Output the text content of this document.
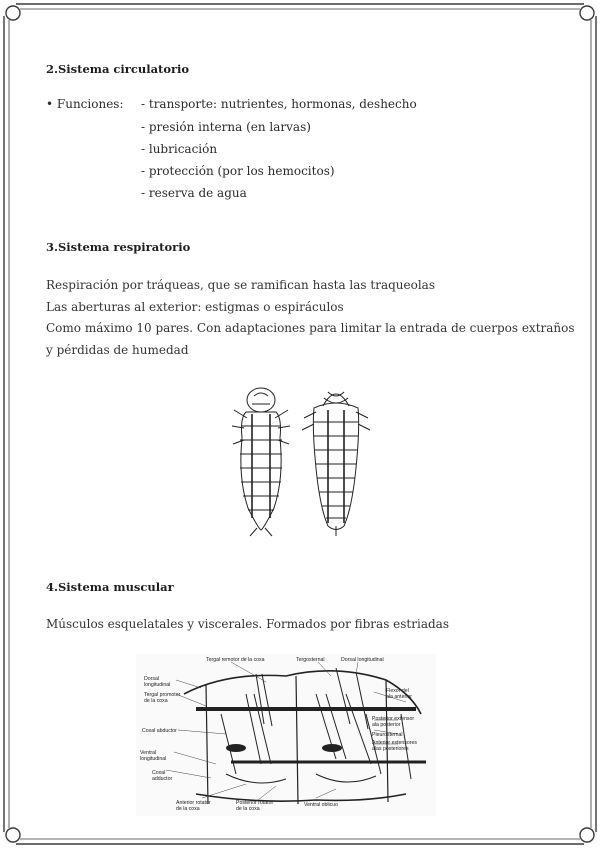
2.Sistema circulatorio
• Funciones: - transporte: nutrientes, hormonas, deshecho
- presión interna (en larvas)
- lubricación
- protección (por los hemocitos)
- reserva de agua
3.Sistema respiratorio
Respiración por tráqueas, que se ramifican hasta las traqueolas
Las aberturas al exterior: estigmas o espiráculos
Como máximo 10 pares. Con adaptaciones para limitar la entrada de cuerpos extraños
y pérdidas de humedad
4.Sistema muscular
Músculos esquelatales y viscerales. Formados por fibras estriadas
Tergal remotor de la coxa	Tergosternal	Dorsal longitudinal
Dorsal
longitudinal
Tergal promotor
de la coxa
Flexor del
ala anterior
Coxal abductor
Posterior extensor
ala posterior
Pleurosternal
Anterior extensores
alas posteriores
Ventral
longitudinal
Coxal
adductor
Anterior rotator
de la coxa
Posterior rotator
de la coxa
Ventral oblicuo
